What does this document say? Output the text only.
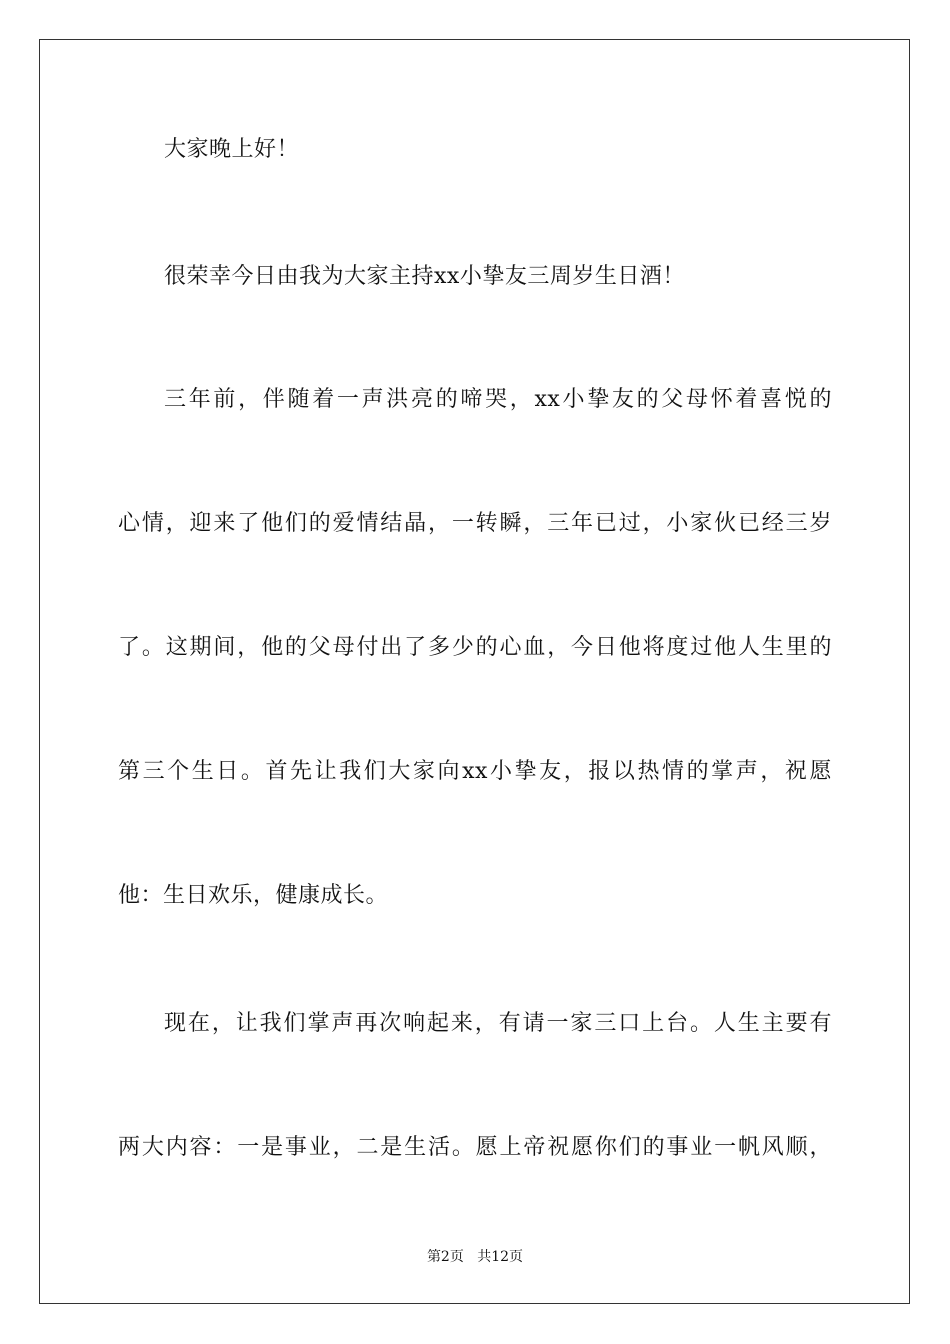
大家晚上好！
很荣幸今日由我为大家主持xx小挚友三周岁生日酒！
三年前，伴随着一声洪亮的啼哭，xx小挚友的父母怀着喜悦的
心情，迎来了他们的爱情结晶，一转瞬，三年已过，小家伙已经三岁
了。这期间，他的父母付出了多少的心血，今日他将度过他人生里的
第三个生日。首先让我们大家向xx小挚友，报以热情的掌声，祝愿
他：生日欢乐，健康成长。
现在，让我们掌声再次响起来，有请一家三口上台。人生主要有
两大内容：一是事业，二是生活。愿上帝祝愿你们的事业一帆风顺，
第2页 共12页
